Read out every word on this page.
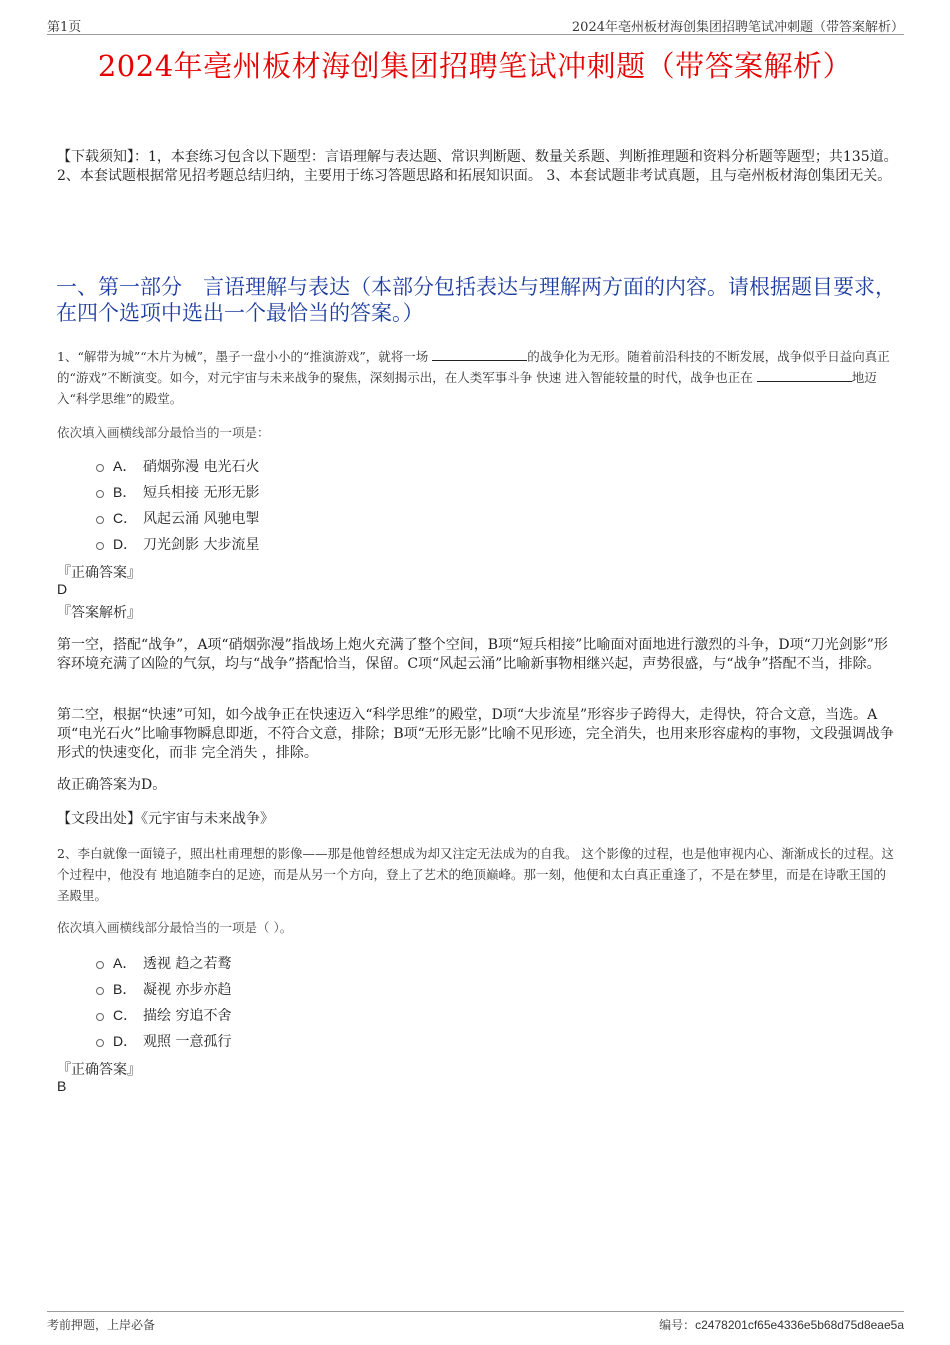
第1页	2024年亳州板材海创集团招聘笔试冲刺题（带答案解析）
2024年亳州板材海创集团招聘笔试冲刺题（带答案解析）
【下载须知】：1，本套练习包含以下题型：言语理解与表达题、常识判断题、数量关系题、判断推理题和资料分析题等题型；共135道。 2、本套试题根据常见招考题总结归纳，主要用于练习答题思路和拓展知识面。 3、本套试题非考试真题，且与亳州板材海创集团无关。
一、第一部分　言语理解与表达（本部分包括表达与理解两方面的内容。请根据题目要求，在四个选项中选出一个最恰当的答案。）
1、“解带为城”“木片为械”，墨子一盘小小的“推演游戏”，就将一场	的战争化为无形。随着前沿科技的不断发展，战争似乎日益向真正的“游戏”不断演变。如今，对元宇宙与未来战争的聚焦，深刻揭示出，在人类军事斗争 快速 进入智能较量的时代，战争也正在	地迈入“科学思维”的殿堂。
依次填入画横线部分最恰当的一项是：
A． 硝烟弥漫 电光石火
B． 短兵相接 无形无影
C． 风起云涌 风驰电掣
D． 刀光剑影 大步流星
『正确答案』
D
『答案解析』
第一空，搭配“战争”，A项“硝烟弥漫”指战场上炮火充满了整个空间，B项“短兵相接”比喻面对面地进行激烈的斗争，D项“刀光剑影”形容环境充满了凶险的气氛，均与“战争”搭配恰当，保留。C项“风起云涌”比喻新事物相继兴起，声势很盛，与“战争”搭配不当，排除。
第二空，根据“快速”可知，如今战争正在快速迈入“科学思维”的殿堂，D项“大步流星”形容步子跨得大，走得快，符合文意，当选。A项“电光石火”比喻事物瞬息即逝，不符合文意，排除；B项“无形无影”比喻不见形迹，完全消失，也用来形容虚构的事物，文段强调战争形式的快速变化，而非 完全消失 ，排除。
故正确答案为D。
【文段出处】《元宇宙与未来战争》
2、李白就像一面镜子，照出杜甫理想的影像——那是他曾经想成为却又注定无法成为的自我。 这个影像的过程，也是他审视内心、渐渐成长的过程。这个过程中，他没有 地追随李白的足迹，而是从另一个方向，登上了艺术的绝顶巅峰。那一刻，他便和太白真正重逢了，不是在梦里，而是在诗歌王国的圣殿里。
依次填入画横线部分最恰当的一项是（ ）。
A． 透视 趋之若鹜
B． 凝视 亦步亦趋
C． 描绘 穷追不舍
D． 观照 一意孤行
『正确答案』
B
考前押题，上岸必备	编号：c2478201cf65e4336e5b68d75d8eae5a
